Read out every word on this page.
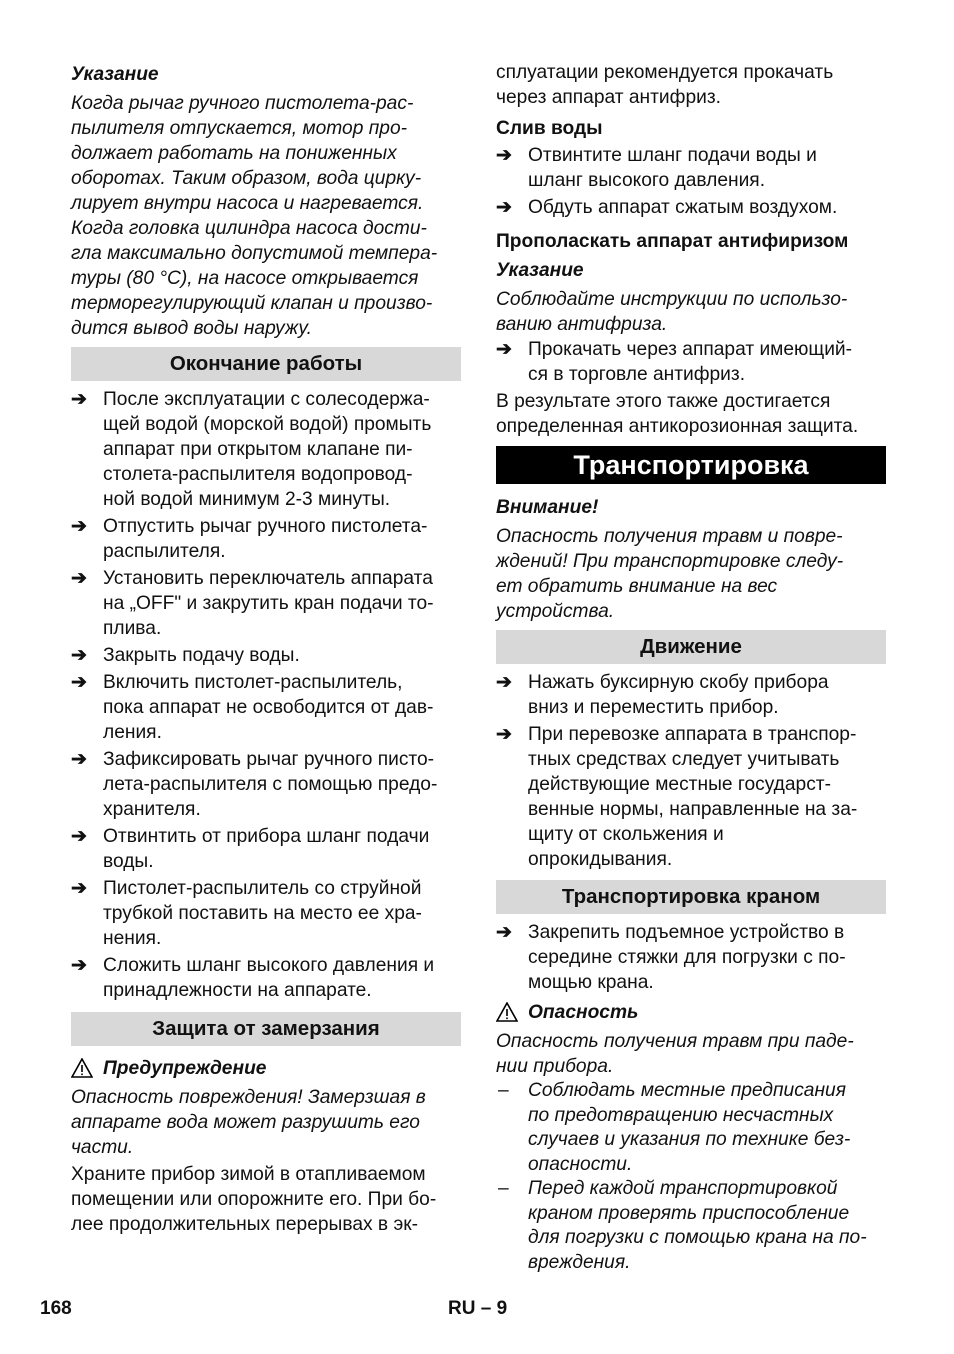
Указание
Когда рычаг ручного пистолета-рас-
пылителя отпускается, мотор про-
должает работать на пониженных
оборотах. Таким образом, вода цирку-
лирует внутри насоса и нагревается.
Когда головка цилиндра насоса дости-
гла максимально допустимой темпера-
туры (80 °C), на насосе открывается
терморегулирующий клапан и произво-
дится вывод воды наружу.
Окончание работы
➔ После эксплуатации с солесодержа-
щей водой (морской водой) промыть
аппарат при открытом клапане пи-
столета-распылителя водопровод-
ной водой минимум 2-3 минуты.
➔ Отпустить рычаг ручного пистолета-
распылителя.
➔ Установить переключатель аппарата
на „OFF" и закрутить кран подачи то-
плива.
➔ Закрыть подачу воды.
➔ Включить пистолет-распылитель,
пока аппарат не освободится от дав-
ления.
➔ Зафиксировать рычаг ручного писто-
лета-распылителя с помощью предо-
хранителя.
➔ Отвинтить от прибора шланг подачи
воды.
➔ Пистолет-распылитель со струйной
трубкой поставить на место ее хра-
нения.
➔ Сложить шланг высокого давления и
принадлежности на аппарате.
Защита от замерзания
Предупреждение
Опасность повреждения! Замерзшая в
аппарате вода может разрушить его
части.
Храните прибор зимой в отапливаемом
помещении или опорожните его. При бо-
лее продолжительных перерывах в эк-
сплуатации рекомендуется прокачать
через аппарат антифриз.
Слив воды
➔ Отвинтите шланг подачи воды и
шланг высокого давления.
➔ Обдуть аппарат сжатым воздухом.
Прополаскать аппарат антифиризом
Указание
Соблюдайте инструкции по использо-
ванию антифриза.
➔ Прокачать через аппарат имеющий-
ся в торговле антифриз.
В результате этого также достигается
определенная антикорозионная защита.
Транспортировка
Внимание!
Опасность получения травм и повре-
ждений! При транспортировке следу-
ет обратить внимание на вес
устройства.
Движение
➔ Нажать буксирную скобу прибора
вниз и переместить прибор.
➔ При перевозке аппарата в транспор-
тных средствах следует учитывать
действующие местные государст-
венные нормы, направленные на за-
щиту от скольжения и
опрокидывания.
Транспортировка краном
➔ Закрепить подъемное устройство в
середине стяжки для погрузки с по-
мощью крана.
Опасность
Опасность получения травм при паде-
нии прибора.
– Соблюдать местные предписания
по предотвращению несчастных
случаев и указания по технике без-
опасности.
– Перед каждой транспортировкой
краном проверять приспособление
для погрузки с помощью крана на по-
вреждения.
168	RU – 9
